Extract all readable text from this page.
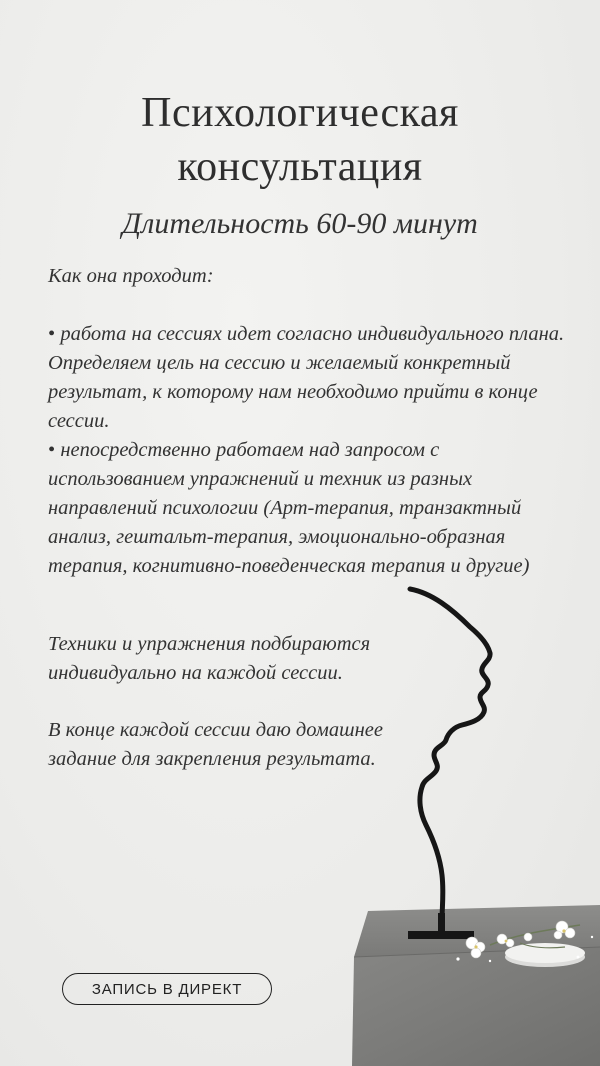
Психологическая
консультация
Длительность 60-90 минут

Как она проходит:

• работа на сессиях идет согласно индивидуального плана. Определяем цель на сессию и желаемый конкретный результат, к которому нам необходимо прийти в конце сессии.

• непосредственно работаем над запросом с использованием упражнений и техник из разных направлений психологии (Арт-терапия, транзактный анализ, гештальт-терапия, эмоционально-образная терапия, когнитивно-поведенческая терапия и другие)

Техники и упражнения подбираются индивидуально на каждой сессии.

В конце каждой сессии даю домашнее задание для закрепления результата.

ЗАПИСЬ В ДИРЕКТ
